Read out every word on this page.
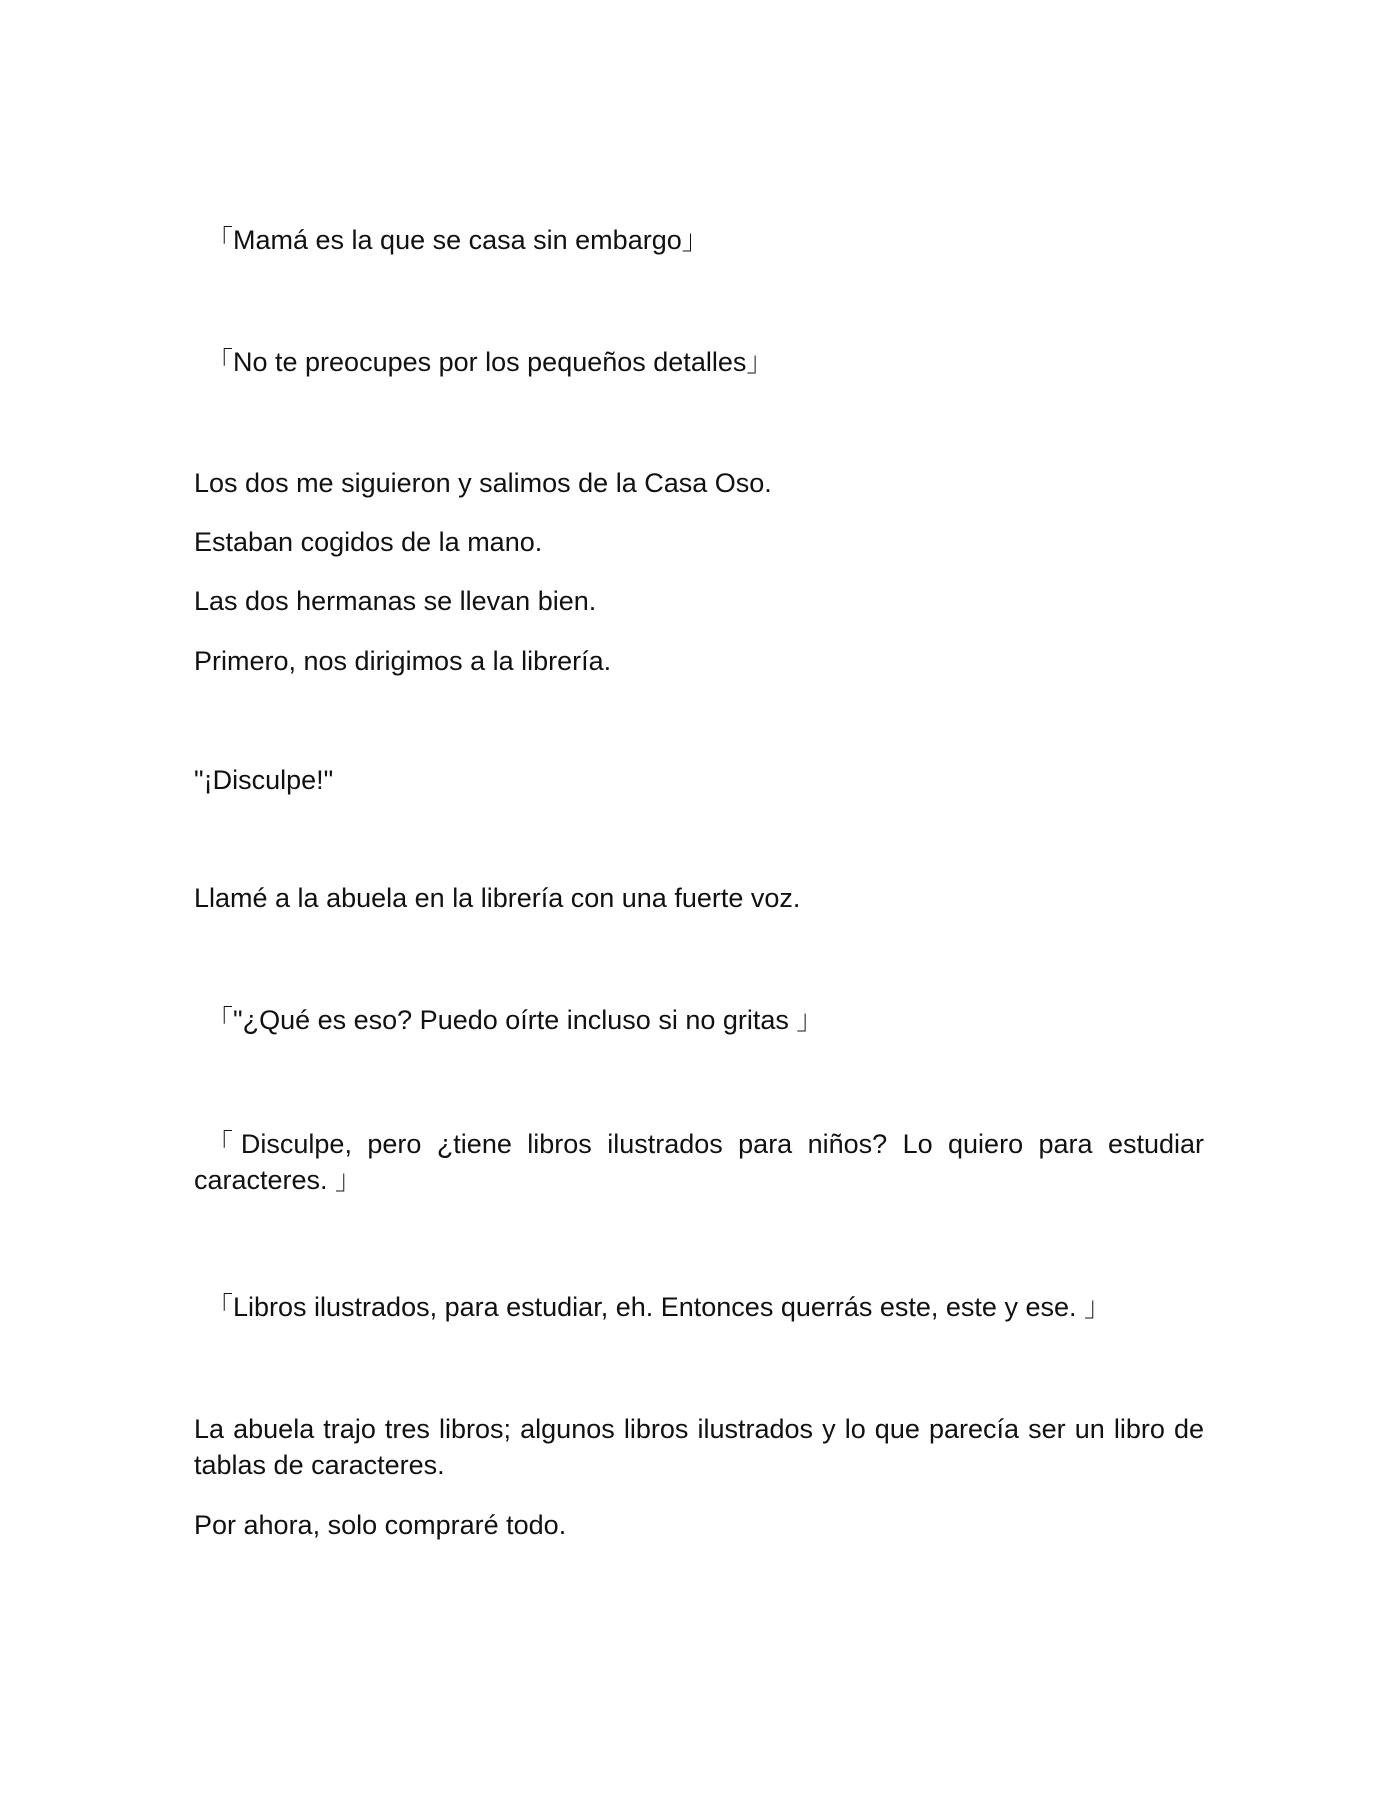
「Mamá es la que se casa sin embargo」

「No te preocupes por los pequeños detalles」

Los dos me siguieron y salimos de la Casa Oso.

Estaban cogidos de la mano.

Las dos hermanas se llevan bien.

Primero, nos dirigimos a la librería.

"¡Disculpe!"

Llamé a la abuela en la librería con una fuerte voz.

「"¿Qué es eso? Puedo oírte incluso si no gritas 」

「Disculpe, pero ¿tiene libros ilustrados para niños? Lo quiero para estudiar caracteres. 」

「Libros ilustrados, para estudiar, eh. Entonces querrás este, este y ese. 」

La abuela trajo tres libros; algunos libros ilustrados y lo que parecía ser un libro de tablas de caracteres.

Por ahora, solo compraré todo.
